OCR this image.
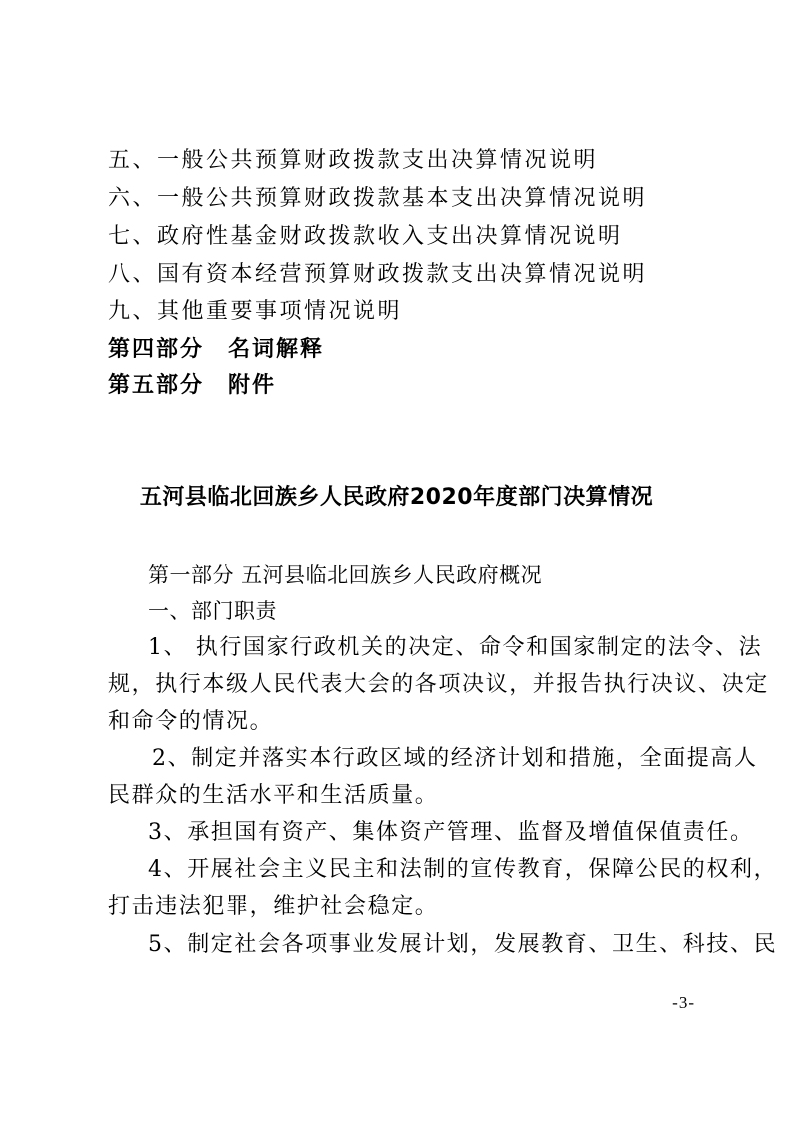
五、一般公共预算财政拨款支出决算情况说明
六、一般公共预算财政拨款基本支出决算情况说明
七、政府性基金财政拨款收入支出决算情况说明
八、国有资本经营预算财政拨款支出决算情况说明
九、其他重要事项情况说明
第四部分　名词解释
第五部分　附件
五河县临北回族乡人民政府2020年度部门决算情况
第一部分 五河县临北回族乡人民政府概况
一、部门职责
1、 执行国家行政机关的决定、命令和国家制定的法令、法
规，执行本级人民代表大会的各项决议，并报告执行决议、决定
和命令的情况。
2、制定并落实本行政区域的经济计划和措施，全面提高人
民群众的生活水平和生活质量。
3、承担国有资产、集体资产管理、监督及增值保值责任。
4、开展社会主义民主和法制的宣传教育，保障公民的权利，
打击违法犯罪，维护社会稳定。
5、制定社会各项事业发展计划，发展教育、卫生、科技、民
-3-
